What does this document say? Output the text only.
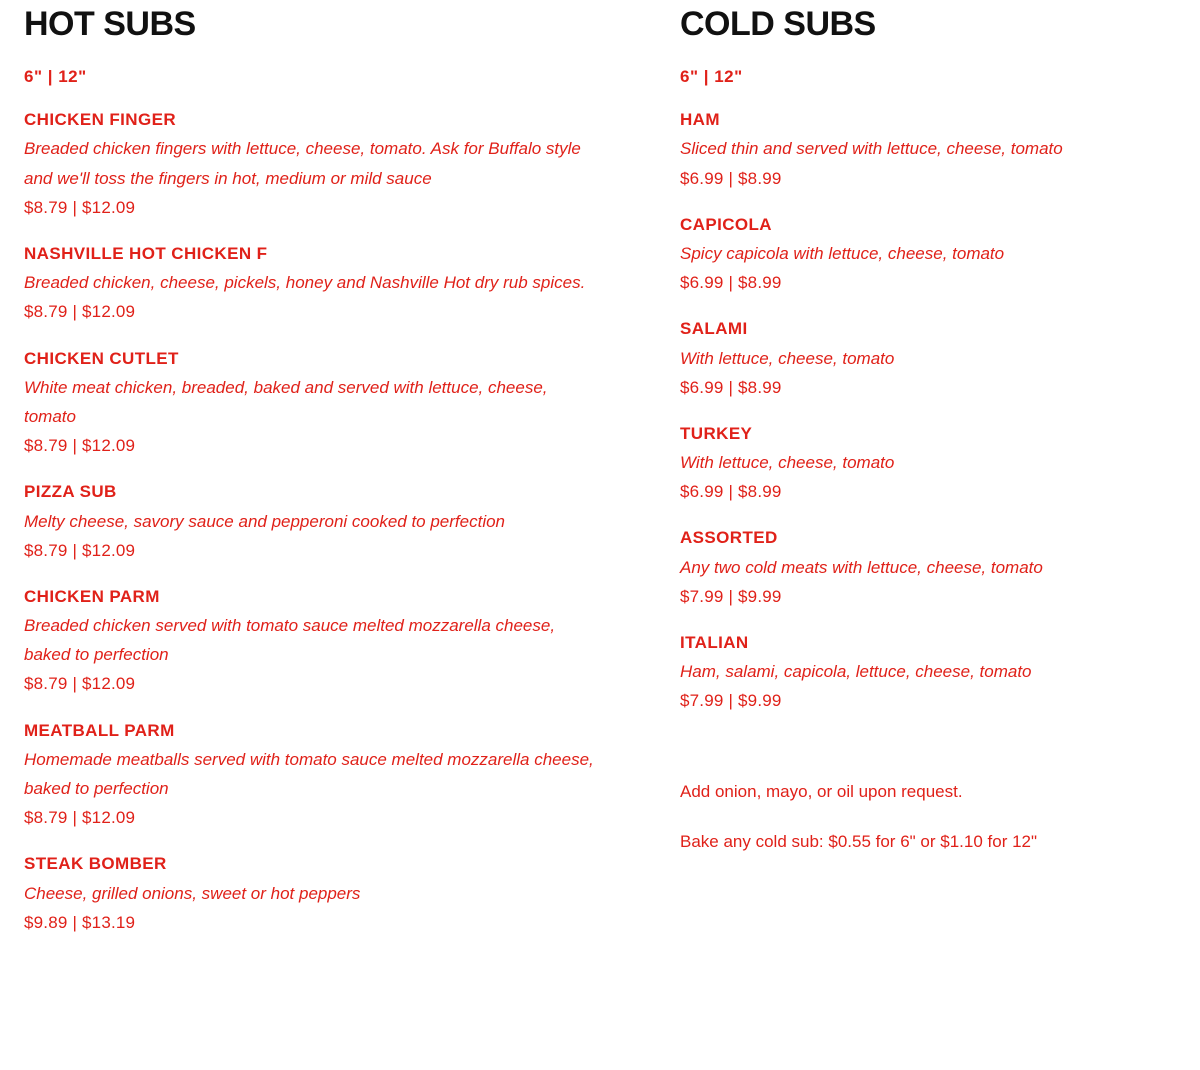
HOT SUBS
6" | 12"
CHICKEN FINGER
Breaded chicken fingers with lettuce, cheese, tomato. Ask for Buffalo style and we'll toss the fingers in hot, medium or mild sauce
$8.79 | $12.09
NASHVILLE HOT CHICKEN F
Breaded chicken, cheese, pickels, honey and Nashville Hot dry rub spices.
$8.79 | $12.09
CHICKEN CUTLET
White meat chicken, breaded, baked and served with lettuce, cheese, tomato
$8.79 | $12.09
PIZZA SUB
Melty cheese, savory sauce and pepperoni cooked to perfection
$8.79 | $12.09
CHICKEN PARM
Breaded chicken served with tomato sauce melted mozzarella cheese, baked to perfection
$8.79 | $12.09
MEATBALL PARM
Homemade meatballs served with tomato sauce melted mozzarella cheese, baked to perfection
$8.79 | $12.09
STEAK BOMBER
Cheese, grilled onions, sweet or hot peppers
$9.89 | $13.19
COLD SUBS
6" | 12"
HAM
Sliced thin and served with lettuce, cheese, tomato
$6.99 | $8.99
CAPICOLA
Spicy capicola with lettuce, cheese, tomato
$6.99 | $8.99
SALAMI
With lettuce, cheese, tomato
$6.99 | $8.99
TURKEY
With lettuce, cheese, tomato
$6.99 | $8.99
ASSORTED
Any two cold meats with lettuce, cheese, tomato
$7.99 | $9.99
ITALIAN
Ham, salami, capicola, lettuce, cheese, tomato
$7.99 | $9.99
Add onion, mayo, or oil upon request.
Bake any cold sub: $0.55 for 6" or $1.10 for 12"
